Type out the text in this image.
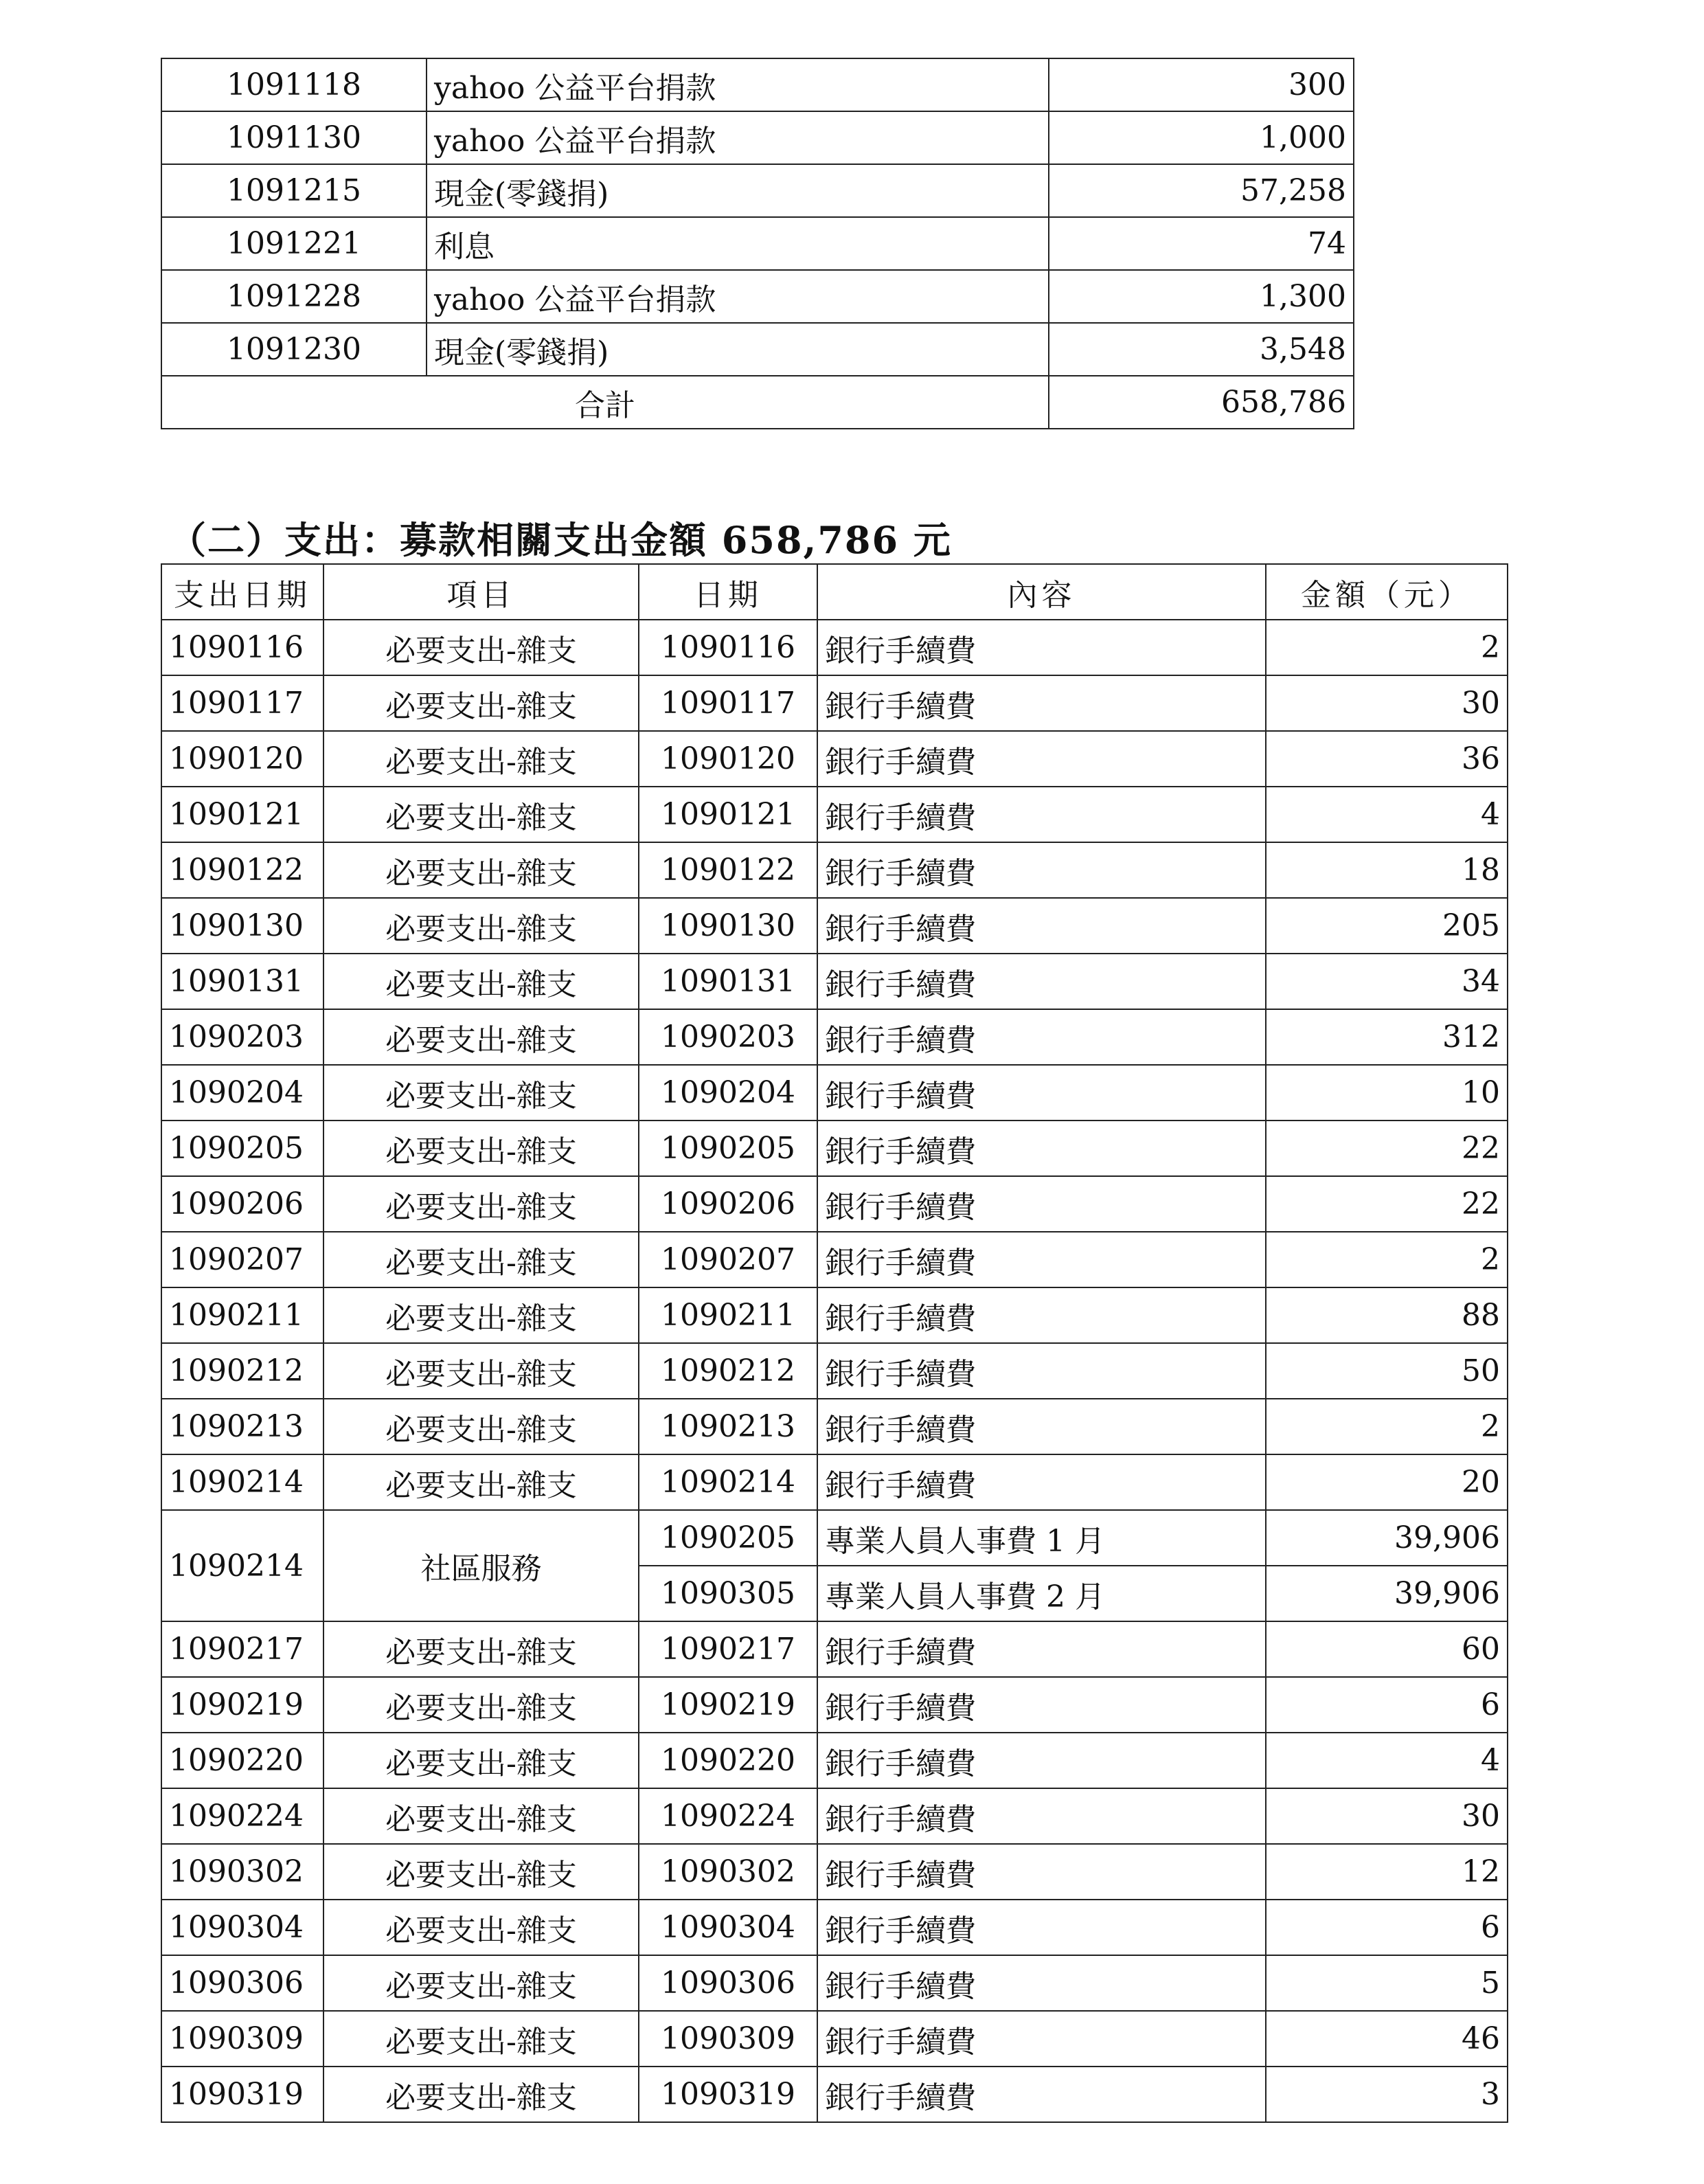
1091118	yahoo 公益平台捐款	300
1091130	yahoo 公益平台捐款	1,000
1091215	現金(零錢捐)	57,258
1091221	利息	74
1091228	yahoo 公益平台捐款	1,300
1091230	現金(零錢捐)	3,548
合計		658,786
（二）支出：募款相關支出金額 658,786 元
支出日期	項目	日期	內容	金額（元）
1090116	必要支出-雜支	1090116	銀行手續費	2
1090117	必要支出-雜支	1090117	銀行手續費	30
1090120	必要支出-雜支	1090120	銀行手續費	36
1090121	必要支出-雜支	1090121	銀行手續費	4
1090122	必要支出-雜支	1090122	銀行手續費	18
1090130	必要支出-雜支	1090130	銀行手續費	205
1090131	必要支出-雜支	1090131	銀行手續費	34
1090203	必要支出-雜支	1090203	銀行手續費	312
1090204	必要支出-雜支	1090204	銀行手續費	10
1090205	必要支出-雜支	1090205	銀行手續費	22
1090206	必要支出-雜支	1090206	銀行手續費	22
1090207	必要支出-雜支	1090207	銀行手續費	2
1090211	必要支出-雜支	1090211	銀行手續費	88
1090212	必要支出-雜支	1090212	銀行手續費	50
1090213	必要支出-雜支	1090213	銀行手續費	2
1090214	必要支出-雜支	1090214	銀行手續費	20
1090214	社區服務	1090205	專業人員人事費 1 月	39,906
		1090305	專業人員人事費 2 月	39,906
1090217	必要支出-雜支	1090217	銀行手續費	60
1090219	必要支出-雜支	1090219	銀行手續費	6
1090220	必要支出-雜支	1090220	銀行手續費	4
1090224	必要支出-雜支	1090224	銀行手續費	30
1090302	必要支出-雜支	1090302	銀行手續費	12
1090304	必要支出-雜支	1090304	銀行手續費	6
1090306	必要支出-雜支	1090306	銀行手續費	5
1090309	必要支出-雜支	1090309	銀行手續費	46
1090319	必要支出-雜支	1090319	銀行手續費	3
